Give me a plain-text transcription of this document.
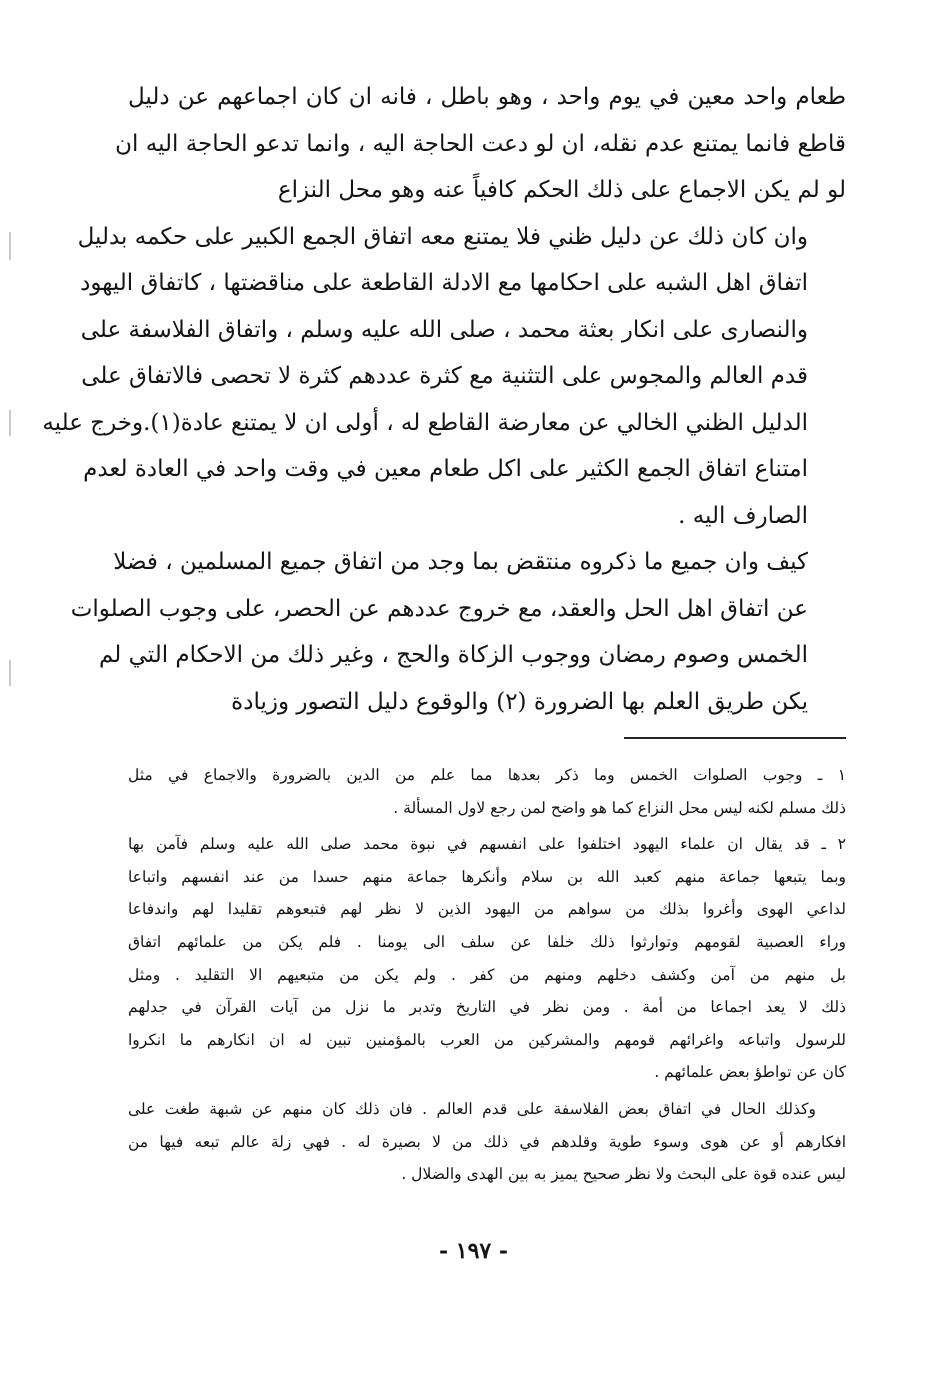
طعام واحد معين في يوم واحد ، وهو باطل ، فانه ان كان اجماعهم عن دليل
قاطع فانما يمتنع عدم نقله، ان لو دعت الحاجة اليه ، وانما تدعو الحاجة اليه ان
لو لم يكن الاجماع على ذلك الحكم كافياً عنه وهو محل النزاع

وان كان ذلك عن دليل ظني فلا يمتنع معه اتفاق الجمع الكبير على حكمه بدليل
اتفاق اهل الشبه على احكامها مع الادلة القاطعة على مناقضتها ، كاتفاق اليهود
والنصارى على انكار بعثة محمد ، صلى الله عليه وسلم ، واتفاق الفلاسفة على
قدم العالم والمجوس على التثنية مع كثرة عددهم كثرة لا تحصى فالاتفاق على
الدليل الظني الخالي عن معارضة القاطع له ، أولى ان لا يمتنع عادة(١).وخرج عليه
امتناع اتفاق الجمع الكثير على اكل طعام معين في وقت واحد في العادة لعدم
الصارف اليه .

كيف وان جميع ما ذكروه منتقض بما وجد من اتفاق جميع المسلمين ، فضلا
عن اتفاق اهل الحل والعقد، مع خروج عددهم عن الحصر، على وجوب الصلوات
الخمس وصوم رمضان ووجوب الزكاة والحج ، وغير ذلك من الاحكام التي لم
يكن طريق العلم بها الضرورة (٢) والوقوع دليل التصور وزيادة

١ ـ وجوب الصلوات الخمس وما ذكر بعدها مما علم من الدين بالضرورة والاجماع في مثل
ذلك مسلم لكنه ليس محل النزاع كما هو واضح لمن رجع لاول المسألة .
٢ ـ قد يقال ان علماء اليهود اختلفوا على انفسهم في نبوة محمد صلى الله عليه وسلم فآمن بها
وبما يتبعها جماعة منهم كعبد الله بن سلام وأنكرها جماعة منهم حسدا من عند انفسهم واتباعا
لداعي الهوى وأغروا بذلك من سواهم من اليهود الذين لا نظر لهم فتبعوهم تقليدا لهم واندفاعا
وراء العصبية لقومهم وتوارثوا ذلك خلفا عن سلف الى يومنا . فلم يكن من علمائهم اتفاق
بل منهم من آمن وكشف دخلهم ومنهم من كفر . ولم يكن من متبعيهم الا التقليد . ومثل
ذلك لا يعد اجماعا من أمة . ومن نظر في التاريخ وتدبر ما نزل من آيات القرآن في جدلهم
للرسول واتباعه واغرائهم قومهم والمشركين من العرب بالمؤمنين تبين له ان انكارهم ما انكروا
كان عن تواطؤ بعض علمائهم .
وكذلك الحال في اتفاق بعض الفلاسفة على قدم العالم . فان ذلك كان منهم عن شبهة طغت على
افكارهم أو عن هوى وسوء طوية وقلدهم في ذلك من لا بصيرة له . فهي زلة عالم تبعه فيها من
ليس عنده قوة على البحث ولا نظر صحيح يميز به بين الهدى والضلال .
- ١٩٧ -
